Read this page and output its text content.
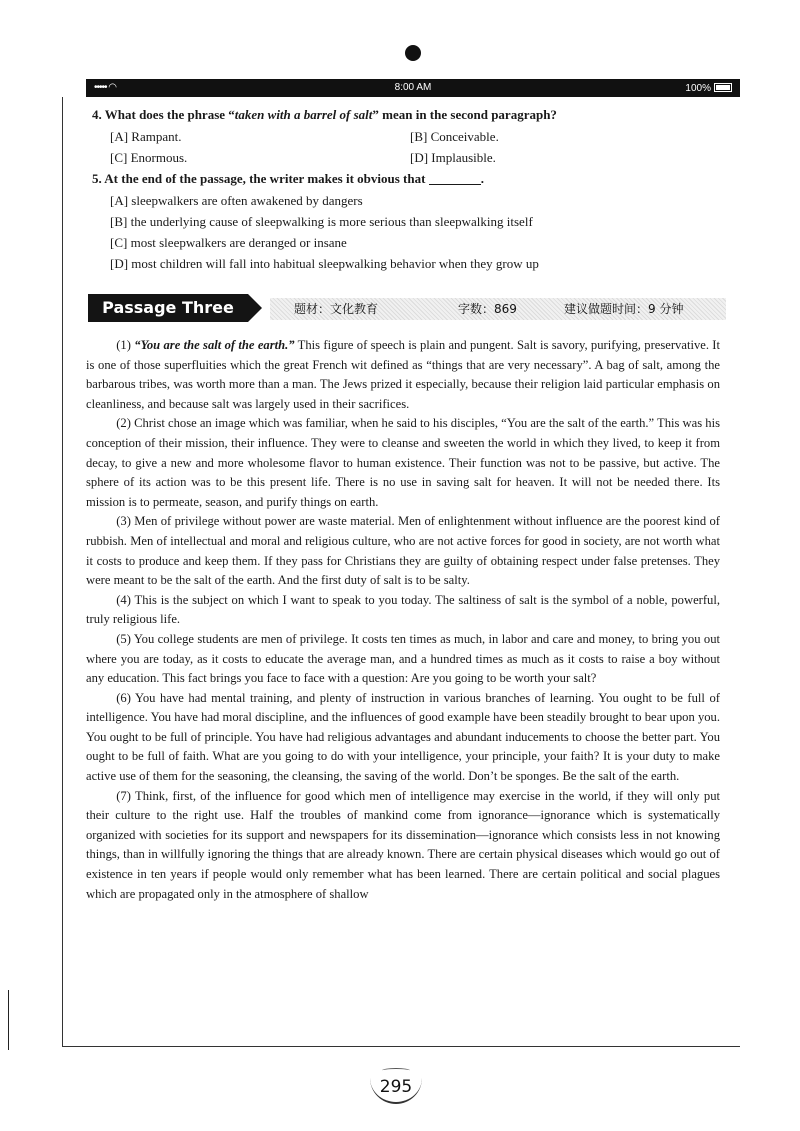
••••• ◠	8:00 AM	100%

4. What does the phrase “taken with a barrel of salt” mean in the second paragraph?

[A] Rampant.	[B] Conceivable.
[C] Enormous.	[D] Implausible.

5. At the end of the passage, the writer makes it obvious that	.

[A] sleepwalkers are often awakened by dangers
[B] the underlying cause of sleepwalking is more serious than sleepwalking itself
[C] most sleepwalkers are deranged or insane
[D] most children will fall into habitual sleepwalking behavior when they grow up
Passage Three	题材：文化教育	字数：869	建议做题时间：9 分钟

(1) “You are the salt of the earth.” This figure of speech is plain and pungent. Salt is savory, purifying, preservative. It is one of those superfluities which the great French wit defined as “things that are very necessary”. A bag of salt, among the barbarous tribes, was worth more than a man. The Jews prized it especially, because their religion laid particular emphasis on cleanliness, and because salt was largely used in their sacrifices.

(2) Christ chose an image which was familiar, when he said to his disciples, “You are the salt of the earth.” This was his conception of their mission, their influence. They were to cleanse and sweeten the world in which they lived, to keep it from decay, to give a new and more wholesome flavor to human existence. Their function was not to be passive, but active. The sphere of its action was to be this present life. There is no use in saving salt for heaven. It will not be needed there. Its mission is to permeate, season, and purify things on earth.

(3) Men of privilege without power are waste material. Men of enlightenment without influence are the poorest kind of rubbish. Men of intellectual and moral and religious culture, who are not active forces for good in society, are not worth what it costs to produce and keep them. If they pass for Christians they are guilty of obtaining respect under false pretenses. They were meant to be the salt of the earth. And the first duty of salt is to be salty.

(4) This is the subject on which I want to speak to you today. The saltiness of salt is the symbol of a noble, powerful, truly religious life.

(5) You college students are men of privilege. It costs ten times as much, in labor and care and money, to bring you out where you are today, as it costs to educate the average man, and a hundred times as much as it costs to raise a boy without any education. This fact brings you face to face with a question: Are you going to be worth your salt?

(6) You have had mental training, and plenty of instruction in various branches of learning. You ought to be full of intelligence. You have had moral discipline, and the influences of good example have been steadily brought to bear upon you. You ought to be full of principle. You have had religious advantages and abundant inducements to choose the better part. You ought to be full of faith. What are you going to do with your intelligence, your principle, your faith? It is your duty to make active use of them for the seasoning, the cleansing, the saving of the world. Don’t be sponges. Be the salt of the earth.

(7) Think, first, of the influence for good which men of intelligence may exercise in the world, if they will only put their culture to the right use. Half the troubles of mankind come from ignorance—ignorance which is systematically organized with societies for its support and newspapers for its dissemination—ignorance which consists less in not knowing things, than in willfully ignoring the things that are already known. There are certain physical diseases which would go out of existence in ten years if people would only remember what has been learned. There are certain political and social plagues which are propagated only in the atmosphere of shallow

295
